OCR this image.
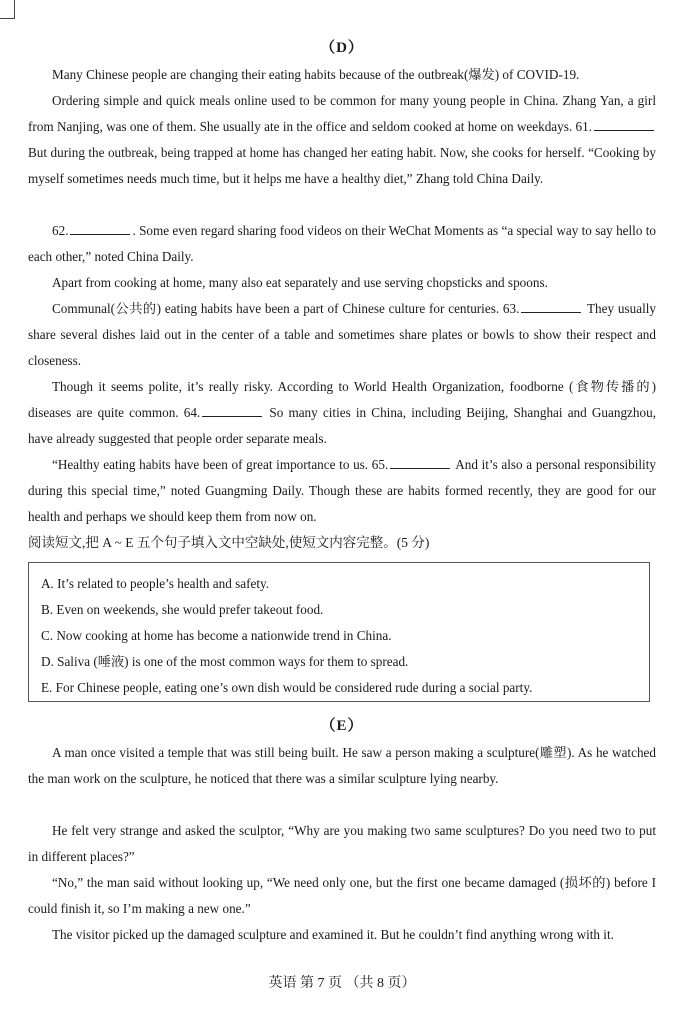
（D）

Many Chinese people are changing their eating habits because of the outbreak(爆发) of COVID-19.

Ordering simple and quick meals online used to be common for many young people in China. Zhang Yan, a girl from Nanjing, was one of them. She usually ate in the office and seldom cooked at home on weekdays. 61. But during the outbreak, being trapped at home has changed her eating habit. Now, she cooks for herself. “Cooking by myself sometimes needs much time, but it helps me have a healthy diet,” Zhang told China Daily.

62.	. Some even regard sharing food videos on their WeChat Moments as “a special way to say hello to each other,” noted China Daily.

Apart from cooking at home, many also eat separately and use serving chopsticks and spoons.

Communal(公共的) eating habits have been a part of Chinese culture for centuries. 63.	They usually share several dishes laid out in the center of a table and sometimes share plates or bowls to show their respect and closeness.

Though it seems polite, it’s really risky. According to World Health Organization, foodborne (食物传播的) diseases are quite common. 64.	So many cities in China, including Beijing, Shanghai and Guangzhou, have already suggested that people order separate meals.

“Healthy eating habits have been of great importance to us. 65.	And it’s also a personal responsibility during this special time,” noted Guangming Daily. Though these are habits formed recently, they are good for our health and perhaps we should keep them from now on.

阅读短文,把 A ~ E 五个句子填入文中空缺处,使短文内容完整。(5 分)

A. It’s related to people’s health and safety.
B. Even on weekends, she would prefer takeout food.
C. Now cooking at home has become a nationwide trend in China.
D. Saliva (唾液) is one of the most common ways for them to spread.
E. For Chinese people, eating one’s own dish would be considered rude during a social party.
（E）

A man once visited a temple that was still being built. He saw a person making a sculpture(雕塑). As he watched the man work on the sculpture, he noticed that there was a similar sculpture lying nearby.

He felt very strange and asked the sculptor, “Why are you making two same sculptures? Do you need two to put in different places?”

“No,” the man said without looking up, “We need only one, but the first one became damaged (损坏的) before I could finish it, so I’m making a new one.”

The visitor picked up the damaged sculpture and examined it. But he couldn’t find anything wrong with it.

英语 第 7 页 （共 8 页）
